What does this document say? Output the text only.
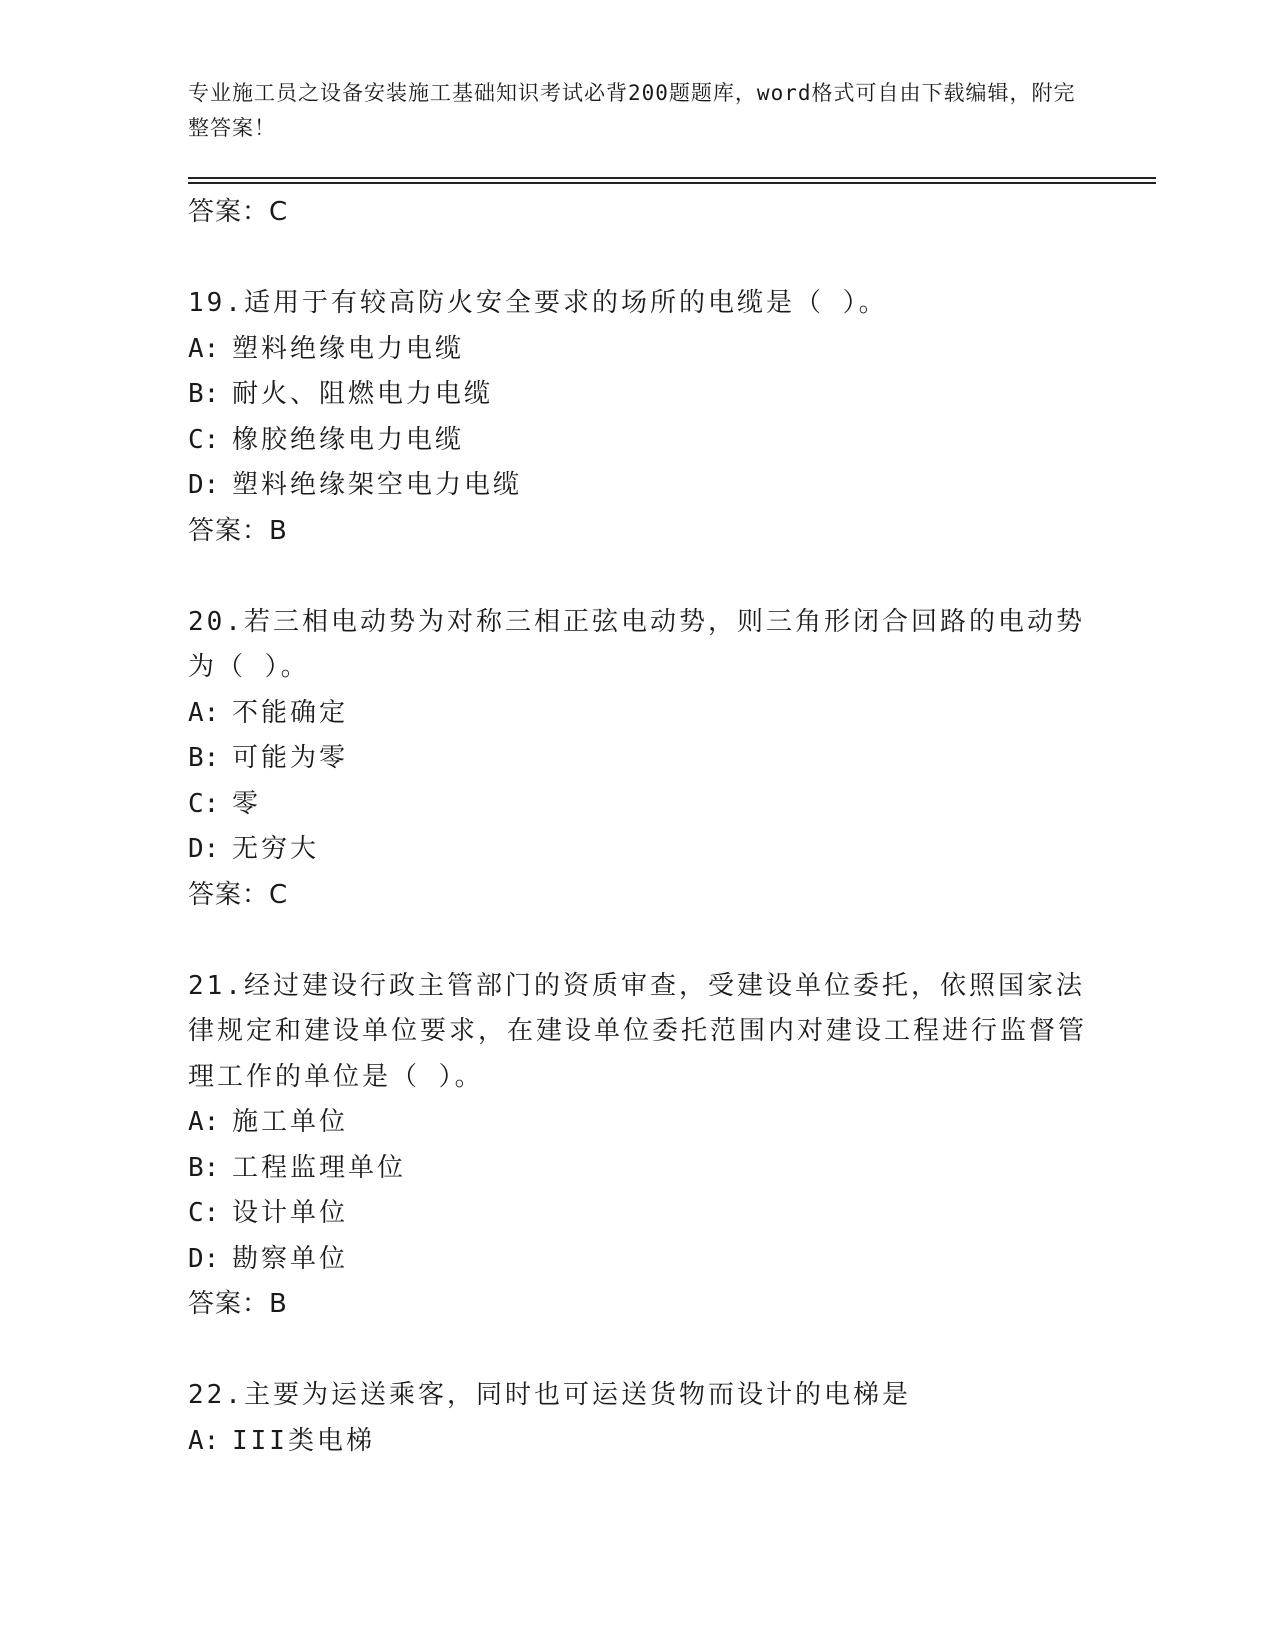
专业施工员之设备安装施工基础知识考试必背200题题库，word格式可自由下载编辑，附完整答案！
答案：C
19.适用于有较高防火安全要求的场所的电缆是（ ）。
A: 塑料绝缘电力电缆
B: 耐火、阻燃电力电缆
C: 橡胶绝缘电力电缆
D: 塑料绝缘架空电力电缆
答案：B
20.若三相电动势为对称三相正弦电动势，则三角形闭合回路的电动势为（ ）。
A: 不能确定
B: 可能为零
C: 零
D: 无穷大
答案：C
21.经过建设行政主管部门的资质审查，受建设单位委托，依照国家法律规定和建设单位要求，在建设单位委托范围内对建设工程进行监督管理工作的单位是（ ）。
A: 施工单位
B: 工程监理单位
C: 设计单位
D: 勘察单位
答案：B
22.主要为运送乘客，同时也可运送货物而设计的电梯是
A: III类电梯
